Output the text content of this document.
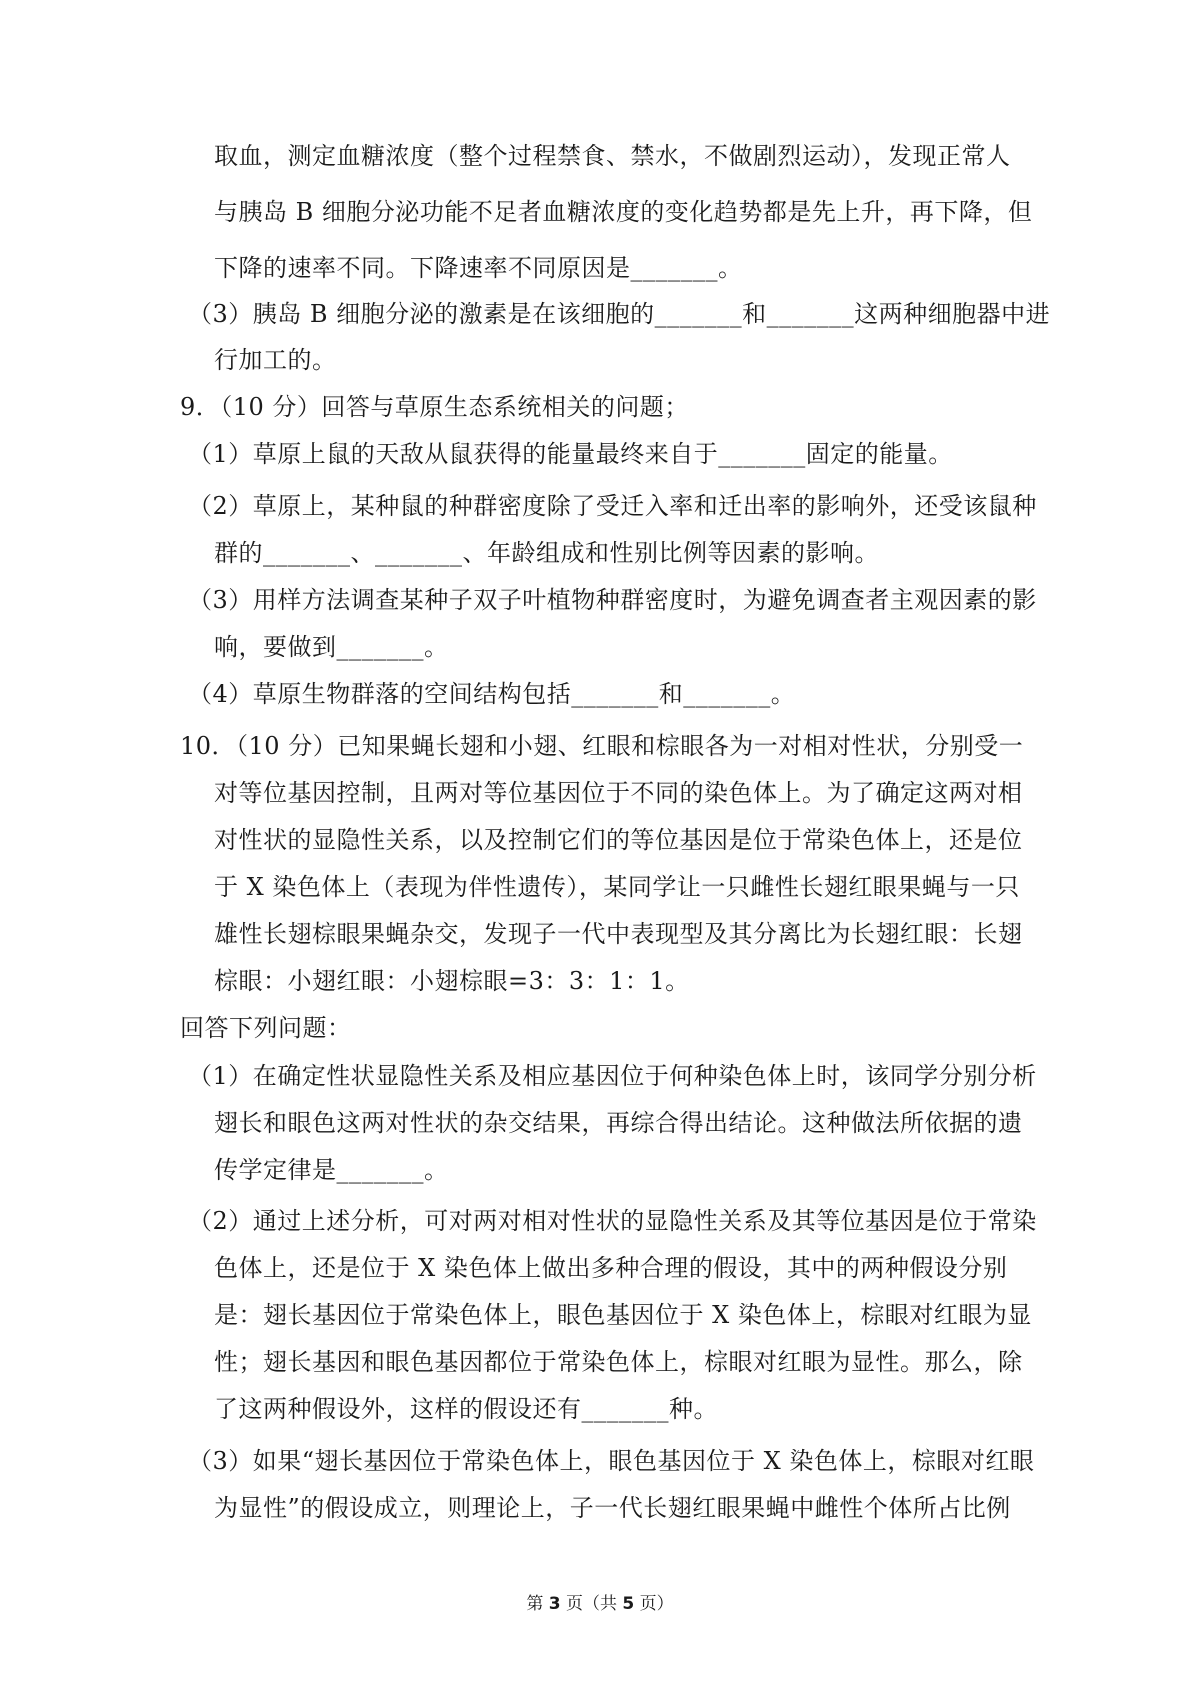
取血，测定血糖浓度（整个过程禁食、禁水，不做剧烈运动），发现正常人
与胰岛 B 细胞分泌功能不足者血糖浓度的变化趋势都是先上升，再下降，但
下降的速率不同。下降速率不同原因是_______。
（3）胰岛 B 细胞分泌的激素是在该细胞的_______和_______这两种细胞器中进
行加工的。
9．（10 分）回答与草原生态系统相关的问题；
（1）草原上鼠的天敌从鼠获得的能量最终来自于_______固定的能量。
（2）草原上，某种鼠的种群密度除了受迁入率和迁出率的影响外，还受该鼠种
群的_______、_______、年龄组成和性别比例等因素的影响。
（3）用样方法调查某种子双子叶植物种群密度时，为避免调查者主观因素的影
响，要做到_______。
（4）草原生物群落的空间结构包括_______和_______。
10．（10 分）已知果蝇长翅和小翅、红眼和棕眼各为一对相对性状，分别受一
对等位基因控制，且两对等位基因位于不同的染色体上。为了确定这两对相
对性状的显隐性关系，以及控制它们的等位基因是位于常染色体上，还是位
于 X 染色体上（表现为伴性遗传），某同学让一只雌性长翅红眼果蝇与一只
雄性长翅棕眼果蝇杂交，发现子一代中表现型及其分离比为长翅红眼：长翅
棕眼：小翅红眼：小翅棕眼=3：3：1：1。
回答下列问题：
（1）在确定性状显隐性关系及相应基因位于何种染色体上时，该同学分别分析
翅长和眼色这两对性状的杂交结果，再综合得出结论。这种做法所依据的遗
传学定律是_______。
（2）通过上述分析，可对两对相对性状的显隐性关系及其等位基因是位于常染
色体上，还是位于 X 染色体上做出多种合理的假设，其中的两种假设分别
是：翅长基因位于常染色体上，眼色基因位于 X 染色体上，棕眼对红眼为显
性；翅长基因和眼色基因都位于常染色体上，棕眼对红眼为显性。那么，除
了这两种假设外，这样的假设还有_______种。
（3）如果“翅长基因位于常染色体上，眼色基因位于 X 染色体上，棕眼对红眼
为显性”的假设成立，则理论上，子一代长翅红眼果蝇中雌性个体所占比例
第 3 页（共 5 页）
